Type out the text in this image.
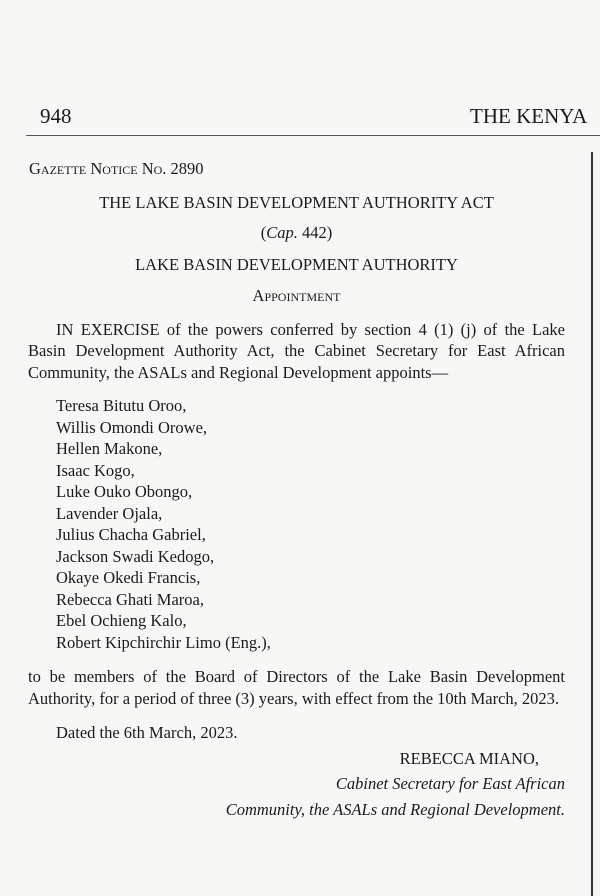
948	THE KENYA
Gazette Notice No. 2890
THE LAKE BASIN DEVELOPMENT AUTHORITY ACT
(Cap. 442)
LAKE BASIN DEVELOPMENT AUTHORITY
Appointment

IN EXERCISE of the powers conferred by section 4 (1) (j) of the Lake Basin Development Authority Act, the Cabinet Secretary for East African Community, the ASALs and Regional Development appoints—

Teresa Bitutu Oroo,
Willis Omondi Orowe,
Hellen Makone,
Isaac Kogo,
Luke Ouko Obongo,
Lavender Ojala,
Julius Chacha Gabriel,
Jackson Swadi Kedogo,
Okaye Okedi Francis,
Rebecca Ghati Maroa,
Ebel Ochieng Kalo,
Robert Kipchirchir Limo (Eng.),

to be members of the Board of Directors of the Lake Basin Development Authority, for a period of three (3) years, with effect from the 10th March, 2023.

Dated the 6th March, 2023.

REBECCA MIANO,
Cabinet Secretary for East African
Community, the ASALs and Regional Development.
